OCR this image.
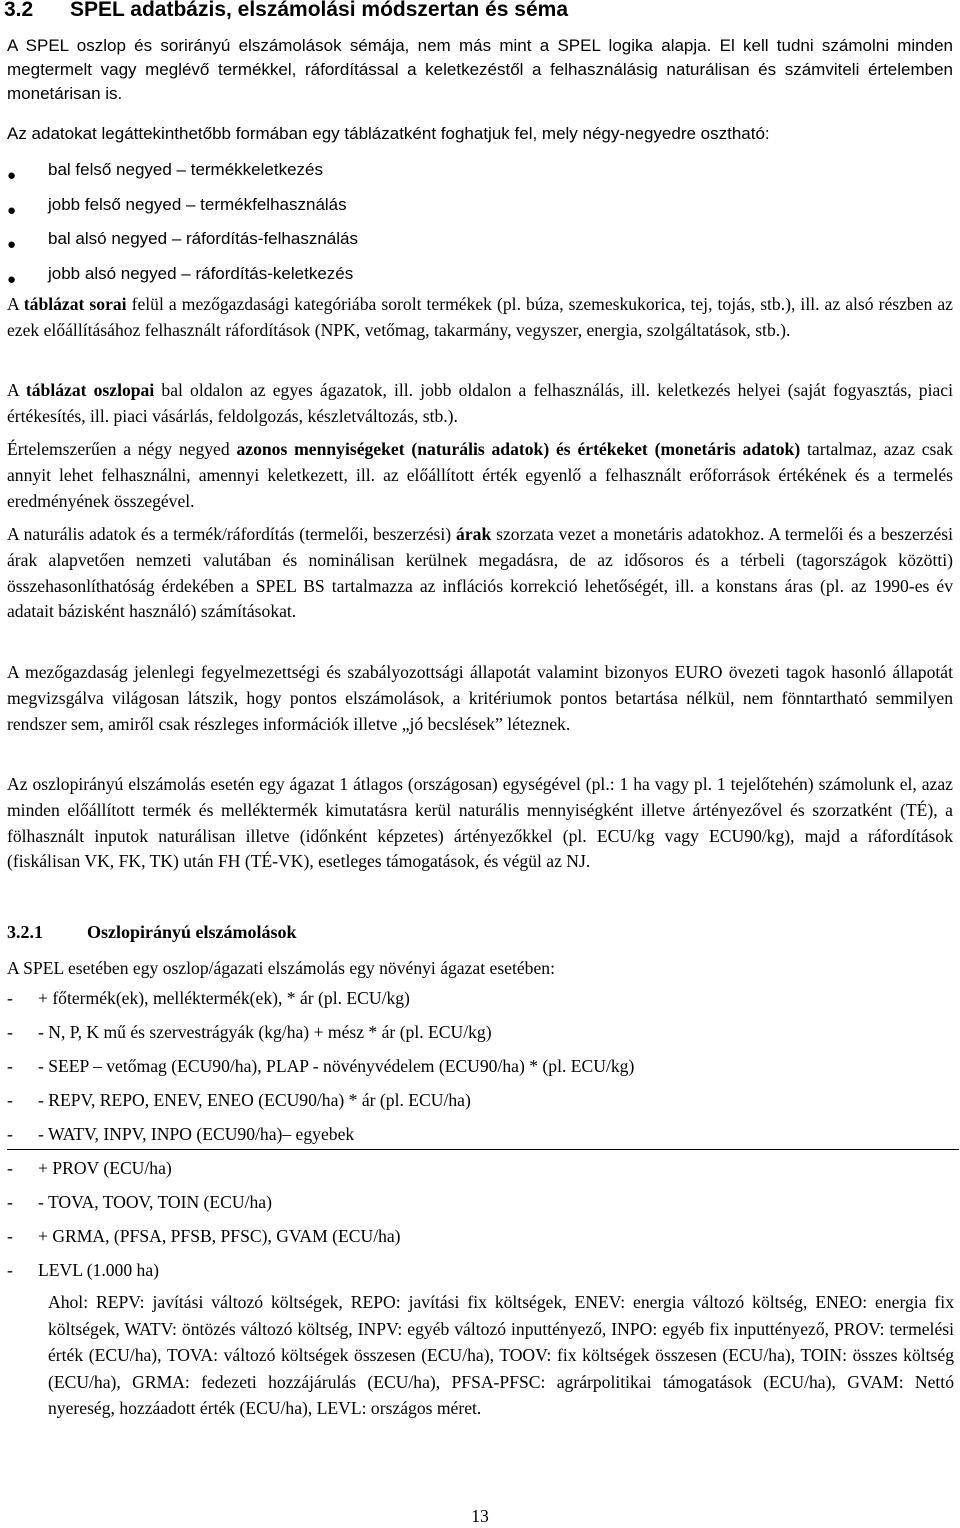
3.2 SPEL adatbázis, elszámolási módszertan és séma

A SPEL oszlop és sorirányú elszámolások sémája, nem más mint a SPEL logika alapja. El kell tudni számolni minden megtermelt vagy meglévő termékkel, ráfordítással a keletkezéstől a felhasználásig naturálisan és számviteli értelemben monetárisan is.

Az adatokat legáttekinthetőbb formában egy táblázatként foghatjuk fel, mely négy-negyedre osztható:

● bal felső negyed – termékkeletkezés
● jobb felső negyed – termékfelhasználás
● bal alsó negyed – ráfordítás-felhasználás
● jobb alsó negyed – ráfordítás-keletkezés

A táblázat sorai felül a mezőgazdasági kategóriába sorolt termékek (pl. búza, szemeskukorica, tej, tojás, stb.), ill. az alsó részben az ezek előállításához felhasznált ráfordítások (NPK, vetőmag, takarmány, vegyszer, energia, szolgáltatások, stb.).

A táblázat oszlopai bal oldalon az egyes ágazatok, ill. jobb oldalon a felhasználás, ill. keletkezés helyei (saját fogyasztás, piaci értékesítés, ill. piaci vásárlás, feldolgozás, készletváltozás, stb.).

Értelemszerűen a négy negyed azonos mennyiségeket (naturális adatok) és értékeket (monetáris adatok) tartalmaz, azaz csak annyit lehet felhasználni, amennyi keletkezett, ill. az előállított érték egyenlő a felhasznált erőforrások értékének és a termelés eredményének összegével.

A naturális adatok és a termék/ráfordítás (termelői, beszerzési) árak szorzata vezet a monetáris adatokhoz. A termelői és a beszerzési árak alapvetően nemzeti valutában és nominálisan kerülnek megadásra, de az idősoros és a térbeli (tagországok közötti) összehasonlíthatóság érdekében a SPEL BS tartalmazza az inflációs korrekció lehetőségét, ill. a konstans áras (pl. az 1990-es év adatait bázisként használó) számításokat.

A mezőgazdaság jelenlegi fegyelmezettségi és szabályozottsági állapotát valamint bizonyos EURO övezeti tagok hasonló állapotát megvizsgálva világosan látszik, hogy pontos elszámolások, a kritériumok pontos betartása nélkül, nem fönntartható semmilyen rendszer sem, amiről csak részleges információk illetve „jó becslések” léteznek.

Az oszlopirányú elszámolás esetén egy ágazat 1 átlagos (országosan) egységével (pl.: 1 ha vagy pl. 1 tejelőtehén) számolunk el, azaz minden előállított termék és melléktermék kimutatásra kerül naturális mennyiségként illetve ártényezővel és szorzatként (TÉ), a fölhasznált inputok naturálisan illetve (időnként képzetes) ártényezőkkel (pl. ECU/kg vagy ECU90/kg), majd a ráfordítások (fiskálisan VK, FK, TK) után FH (TÉ-VK), esetleges támogatások, és végül az NJ.

3.2.1 Oszlopirányú elszámolások

A SPEL esetében egy oszlop/ágazati elszámolás egy növényi ágazat esetében:

- + főtermék(ek), melléktermék(ek), * ár (pl. ECU/kg)
- - N, P, K mű és szervestrágyák (kg/ha) + mész * ár (pl. ECU/kg)
- - SEEP – vetőmag (ECU90/ha), PLAP - növényvédelem (ECU90/ha) * (pl. ECU/kg)
- - REPV, REPO, ENEV, ENEO (ECU90/ha) * ár (pl. ECU/ha)
- - WATV, INPV, INPO (ECU90/ha)– egyebek
- + PROV (ECU/ha)
- - TOVA, TOOV, TOIN (ECU/ha)
- + GRMA, (PFSA, PFSB, PFSC), GVAM (ECU/ha)
- LEVL (1.000 ha)

Ahol: REPV: javítási változó költségek, REPO: javítási fix költségek, ENEV: energia változó költség, ENEO: energia fix költségek, WATV: öntözés változó költség, INPV: egyéb változó inputtényező, INPO: egyéb fix inputtényező, PROV: termelési érték (ECU/ha), TOVA: változó költségek összesen (ECU/ha), TOOV: fix költségek összesen (ECU/ha), TOIN: összes költség (ECU/ha), GRMA: fedezeti hozzájárulás (ECU/ha), PFSA-PFSC: agrárpolitikai támogatások (ECU/ha), GVAM: Nettó nyereség, hozzáadott érték (ECU/ha), LEVL: országos méret.

13
